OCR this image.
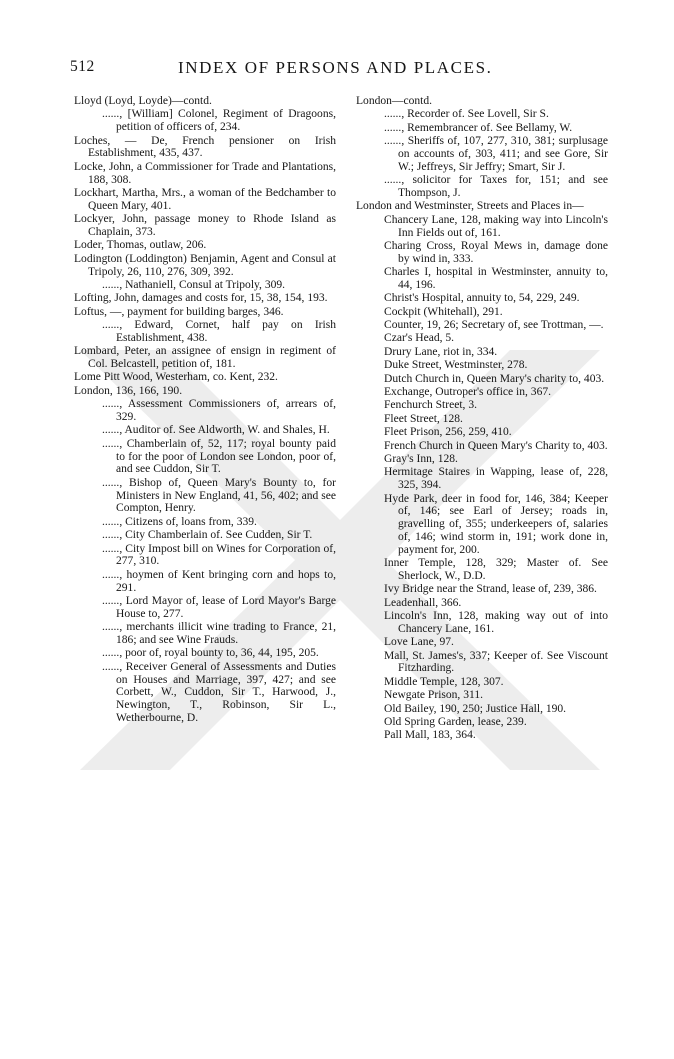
512	INDEX OF PERSONS AND PLACES.
Lloyd (Loyd, Loyde)—contd.
......, [William] Colonel, Regiment of Dragoons, petition of officers of, 234.
Loches, — De, French pensioner on Irish Establishment, 435, 437.
Locke, John, a Commissioner for Trade and Plantations, 188, 308.
Lockhart, Martha, Mrs., a woman of the Bedchamber to Queen Mary, 401.
Lockyer, John, passage money to Rhode Island as Chaplain, 373.
Loder, Thomas, outlaw, 206.
Lodington (Loddington) Benjamin, Agent and Consul at Tripoly, 26, 110, 276, 309, 392.
......, Nathaniell, Consul at Tripoly, 309.
Lofting, John, damages and costs for, 15, 38, 154, 193.
Loftus, —, payment for building barges, 346.
......, Edward, Cornet, half pay on Irish Establishment, 438.
Lombard, Peter, an assignee of ensign in regiment of Col. Belcastell, petition of, 181.
Lome Pitt Wood, Westerham, co. Kent, 232.
London, 136, 166, 190.
......, Assessment Commissioners of, arrears of, 329.
......, Auditor of. See Aldworth, W. and Shales, H.
......, Chamberlain of, 52, 117; royal bounty paid to for the poor of London see London, poor of, and see Cuddon, Sir T.
......, Bishop of, Queen Mary's Bounty to, for Ministers in New England, 41, 56, 402; and see Compton, Henry.
......, Citizens of, loans from, 339.
......, City Chamberlain of. See Cudden, Sir T.
......, City Impost bill on Wines for Corporation of, 277, 310.
......, hoymen of Kent bringing corn and hops to, 291.
......, Lord Mayor of, lease of Lord Mayor's Barge House to, 277.
......, merchants illicit wine trading to France, 21, 186; and see Wine Frauds.
......, poor of, royal bounty to, 36, 44, 195, 205.
......, Receiver General of Assessments and Duties on Houses and Marriage, 397, 427; and see Corbett, W., Cuddon, Sir T., Harwood, J., Newington, T., Robinson, Sir L., Wetherbourne, D.
London—contd.
......, Recorder of. See Lovell, Sir S.
......, Remembrancer of. See Bellamy, W.
......, Sheriffs of, 107, 277, 310, 381; surplusage on accounts of, 303, 411; and see Gore, Sir W.; Jeffreys, Sir Jeffry; Smart, Sir J.
......, solicitor for Taxes for, 151; and see Thompson, J.
London and Westminster, Streets and Places in—
Chancery Lane, 128, making way into Lincoln's Inn Fields out of, 161.
Charing Cross, Royal Mews in, damage done by wind in, 333.
Charles I, hospital in Westminster, annuity to, 44, 196.
Christ's Hospital, annuity to, 54, 229, 249.
Cockpit (Whitehall), 291.
Counter, 19, 26; Secretary of, see Trottman, —.
Czar's Head, 5.
Drury Lane, riot in, 334.
Duke Street, Westminster, 278.
Dutch Church in, Queen Mary's charity to, 403.
Exchange, Outroper's office in, 367.
Fenchurch Street, 3.
Fleet Street, 128.
Fleet Prison, 256, 259, 410.
French Church in Queen Mary's Charity to, 403.
Gray's Inn, 128.
Hermitage Staires in Wapping, lease of, 228, 325, 394.
Hyde Park, deer in food for, 146, 384; Keeper of, 146; see Earl of Jersey; roads in, gravelling of, 355; underkeepers of, salaries of, 146; wind storm in, 191; work done in, payment for, 200.
Inner Temple, 128, 329; Master of. See Sherlock, W., D.D.
Ivy Bridge near the Strand, lease of, 239, 386.
Leadenhall, 366.
Lincoln's Inn, 128, making way out of into Chancery Lane, 161.
Love Lane, 97.
Mall, St. James's, 337; Keeper of. See Viscount Fitzharding.
Middle Temple, 128, 307.
Newgate Prison, 311.
Old Bailey, 190, 250; Justice Hall, 190.
Old Spring Garden, lease, 239.
Pall Mall, 183, 364.
